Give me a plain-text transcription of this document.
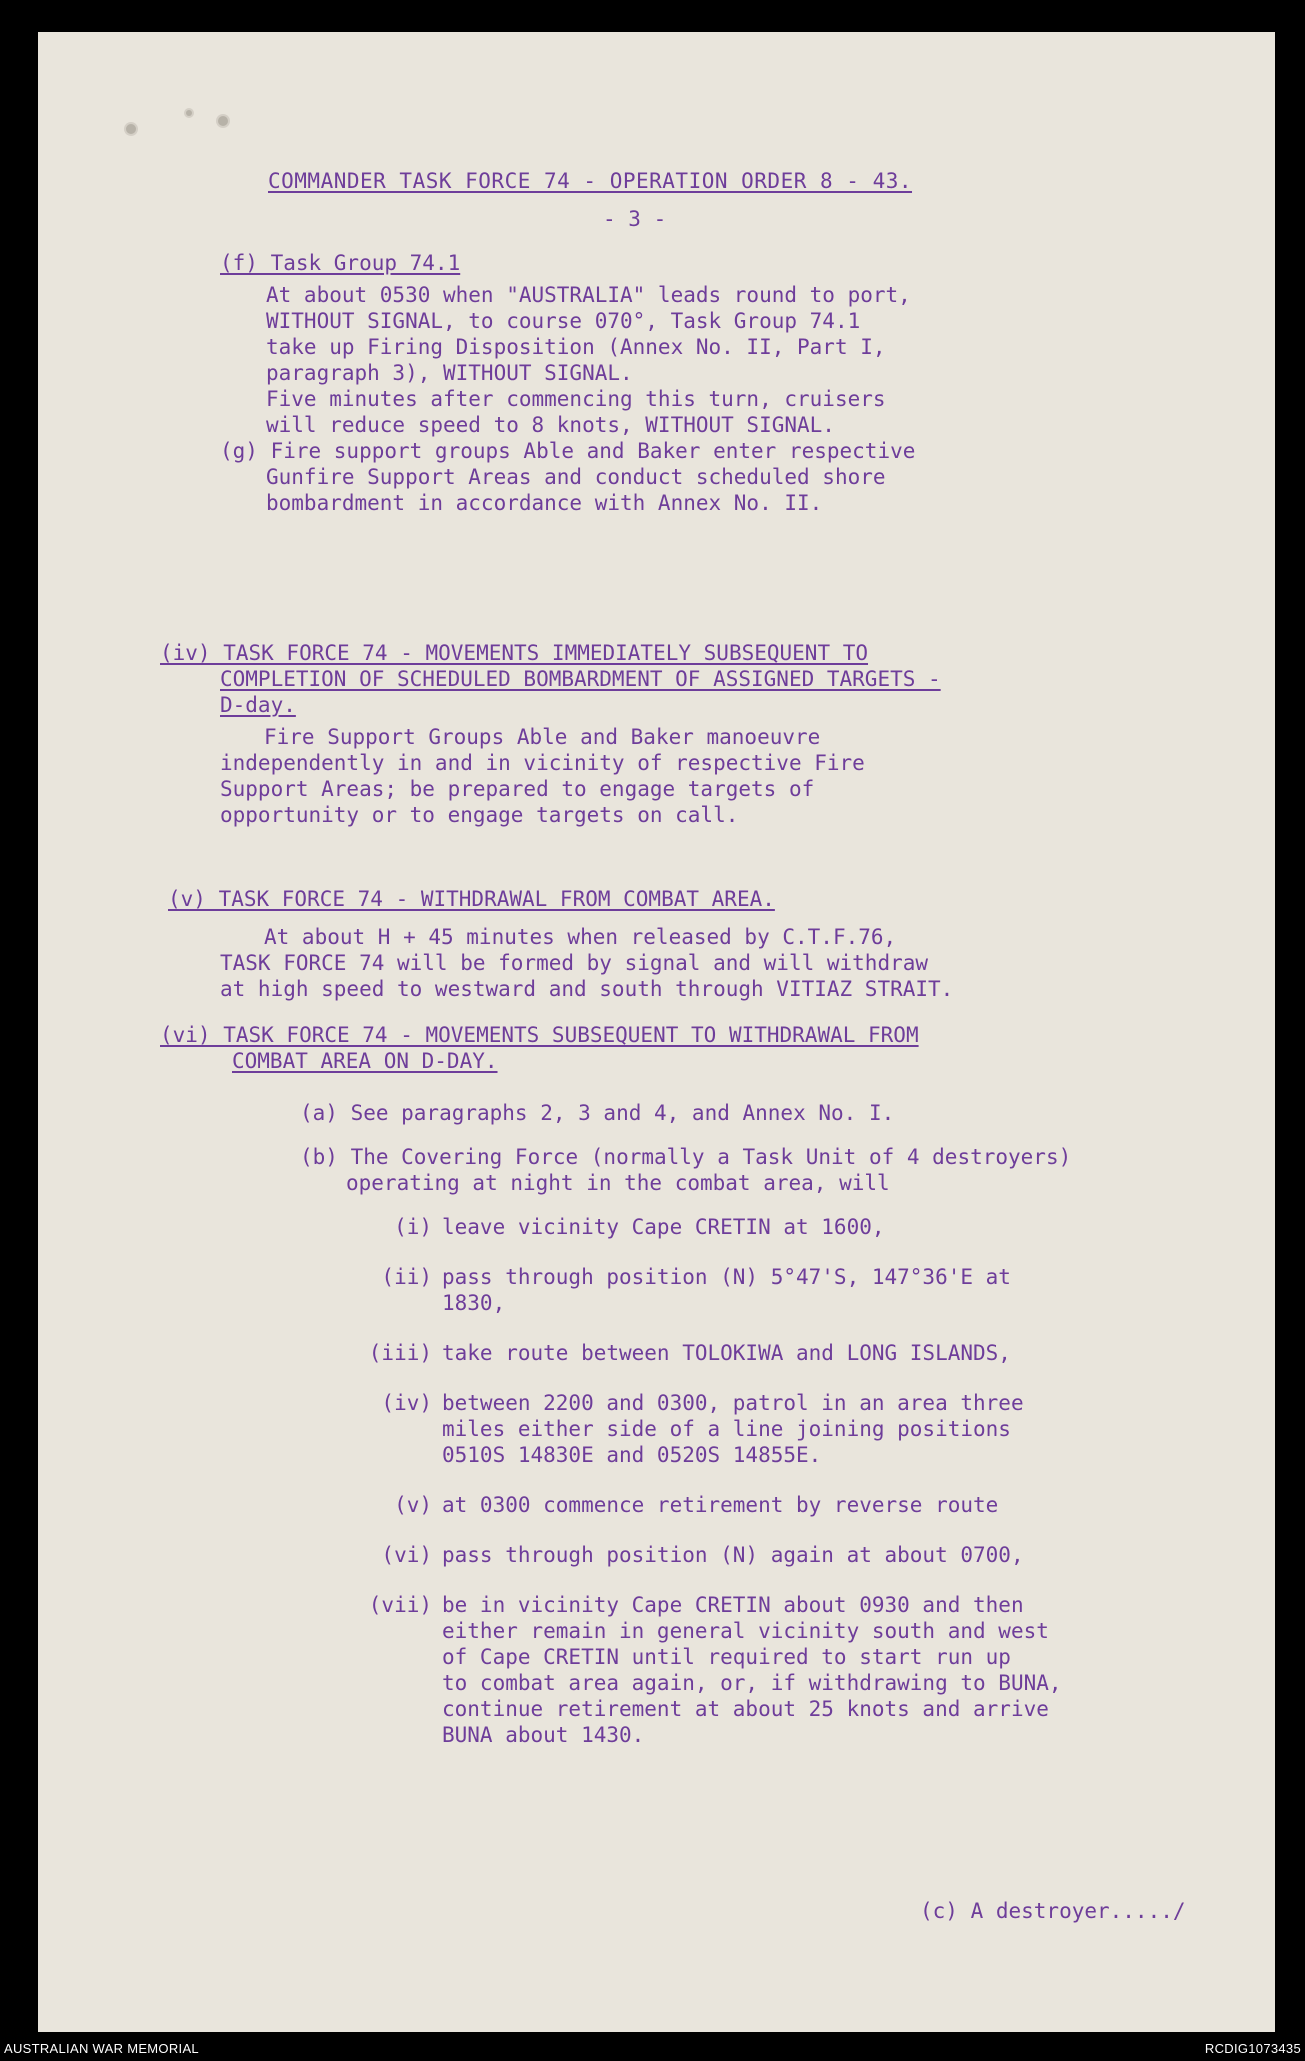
COMMANDER TASK FORCE 74 - OPERATION ORDER 8 - 43.
- 3 -
(f) Task Group 74.1
At about 0530 when "AUSTRALIA" leads round to port,
WITHOUT SIGNAL, to course 070°, Task Group 74.1
take up Firing Disposition (Annex No. II, Part I,
paragraph 3), WITHOUT SIGNAL.
Five minutes after commencing this turn, cruisers
will reduce speed to 8 knots, WITHOUT SIGNAL.
(g) Fire support groups Able and Baker enter respective
Gunfire Support Areas and conduct scheduled shore
bombardment in accordance with Annex No. II.
(iv) TASK FORCE 74 - MOVEMENTS IMMEDIATELY SUBSEQUENT TO
COMPLETION OF SCHEDULED BOMBARDMENT OF ASSIGNED TARGETS -
D-day.
Fire Support Groups Able and Baker manoeuvre
independently in and in vicinity of respective Fire
Support Areas; be prepared to engage targets of
opportunity or to engage targets on call.
(v) TASK FORCE 74 - WITHDRAWAL FROM COMBAT AREA.
At about H + 45 minutes when released by C.T.F.76,
TASK FORCE 74 will be formed by signal and will withdraw
at high speed to westward and south through VITIAZ STRAIT.
(vi) TASK FORCE 74 - MOVEMENTS SUBSEQUENT TO WITHDRAWAL FROM
COMBAT AREA ON D-DAY.
(a) See paragraphs 2, 3 and 4, and Annex No. I.
(b) The Covering Force (normally a Task Unit of 4 destroyers)
operating at night in the combat area, will
(i) leave vicinity Cape CRETIN at 1600,
(ii) pass through position (N) 5°47'S, 147°36'E at
1830,
(iii) take route between TOLOKIWA and LONG ISLANDS,
(iv) between 2200 and 0300, patrol in an area three
miles either side of a line joining positions
0510S 14830E and 0520S 14855E.
(v) at 0300 commence retirement by reverse route
(vi) pass through position (N) again at about 0700,
(vii) be in vicinity Cape CRETIN about 0930 and then
either remain in general vicinity south and west
of Cape CRETIN until required to start run up
to combat area again, or, if withdrawing to BUNA,
continue retirement at about 25 knots and arrive
BUNA about 1430.
(c) A destroyer...../
AUSTRALIAN WAR MEMORIAL	RCDIG1073435
